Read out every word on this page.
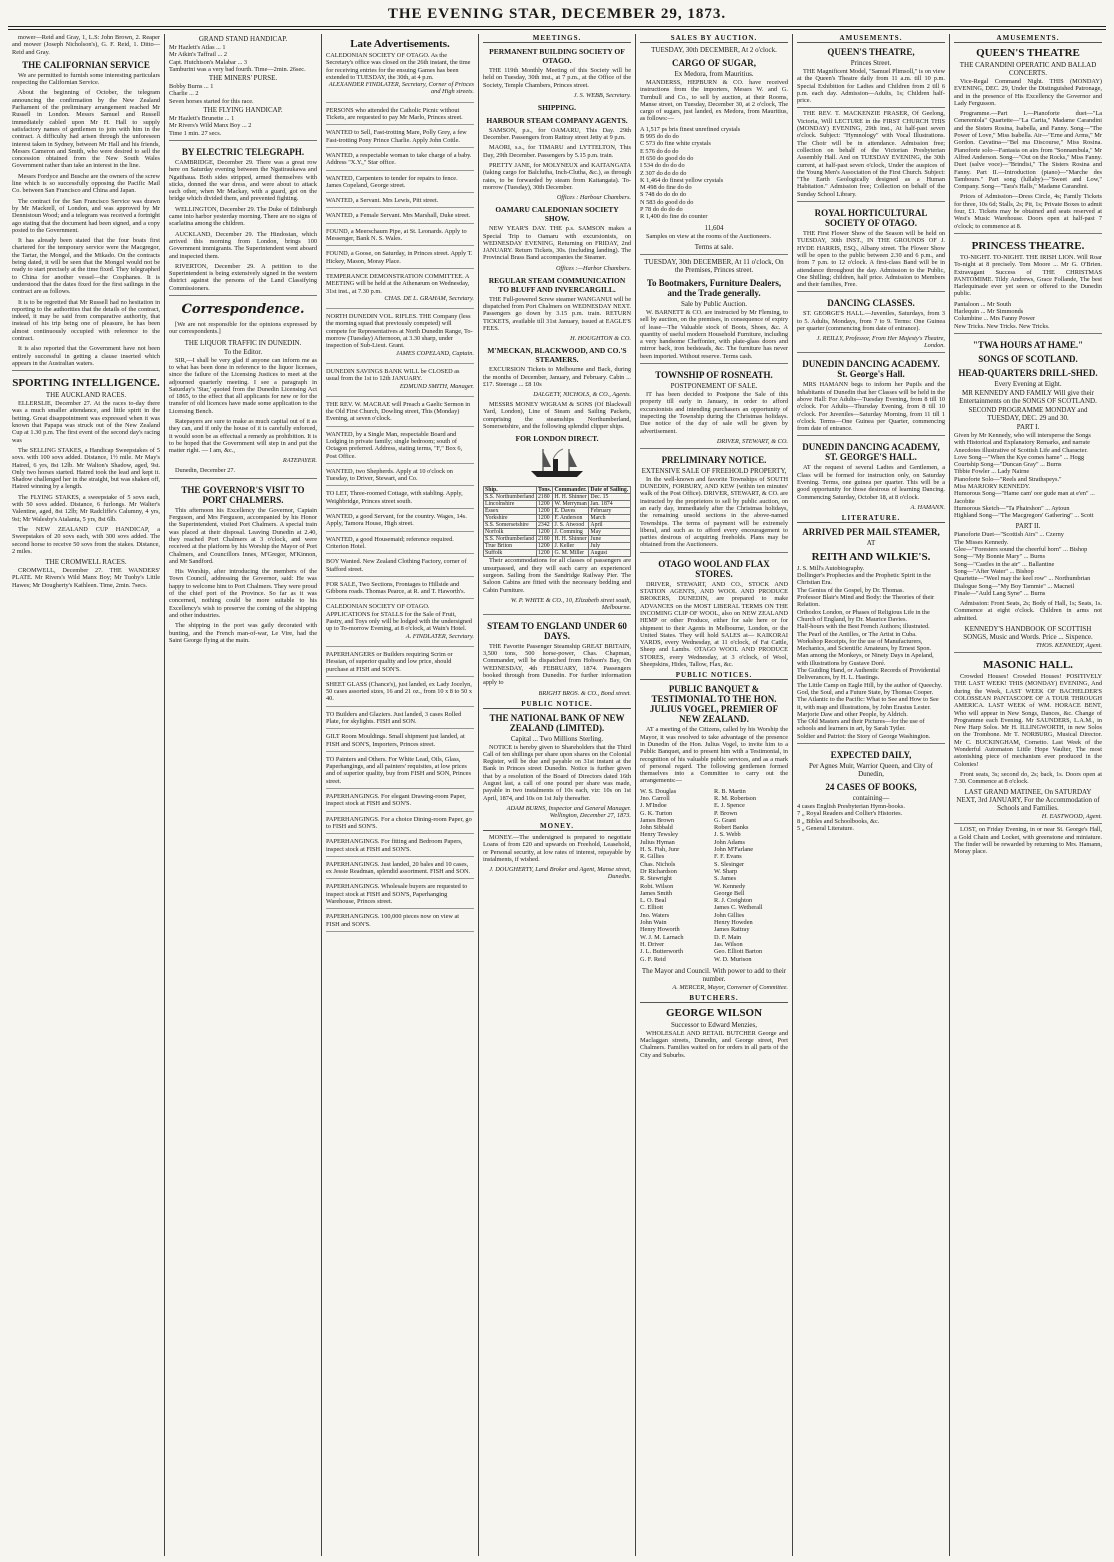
THE EVENING STAR, DECEMBER 29, 1873.

mower—Reid and Gray, 1, L.S: John Brown, 2. Reaper and mower (Joseph Nicholson's), G. F. Reid, 1. Ditto—Reid and Gray.

THE CALIFORNIAN SERVICE

We are permitted to furnish some interesting particulars respecting the Californian Service.

About the beginning of October, the telegram announcing the confirmation by the New Zealand Parliament of the preliminary arrangement reached Mr Russell in London. Messrs Samuel and Russell immediately cabled upon Mr H. Hall to supply satisfactory names of gentlemen to join with him in the contract. A difficulty had arisen through the unforeseen interest taken in Sydney, between Mr Hall and his friends, Messrs Cameron and Smith, who were desired to sell the concession obtained from the New South Wales Government rather than take an interest in the line.

Messrs Fordyce and Busche are the owners of the screw line which is so successfully opposing the Pacific Mail Co. between San Francisco and China and Japan.

The contract for the San Francisco Service was drawn by Mr Mackrell, of London, and was approved by Mr Dennistoun Wood; and a telegram was received a fortnight ago stating that the document had been signed, and a copy posted to the Government.

It has already been stated that the four boats first chartered for the temporary service were the Macgregor, the Tartar, the Mongol, and the Mikado. On the contracts being dated, it will be seen that the Mongol would not be ready to start precisely at the time fixed. They telegraphed to China for another vessel—the Cosphanes. It is understood that the dates fixed for the first sailings in the contract are as follows.

It is to be regretted that Mr Russell had no hesitation in reporting to the authorities that the details of the contract, indeed, it may be said from comparative authority, that instead of his trip being one of pleasure, he has been almost continuously occupied with reference to the contract.

It is also reported that the Government have not been entirely successful in getting a clause inserted which appears in the Australian waters.

SPORTING INTELLIGENCE.
THE AUCKLAND RACES.

ELLERSLIE, December 27. At the races to-day there was a much smaller attendance, and little spirit in the betting. Great disappointment was expressed when it was known that Papapa was struck out of the New Zealand Cup at 1.30 p.m. The first event of the second day's racing was

The SELLING STAKES, a Handicap Sweepstakes of 5 sovs. with 100 sovs added. Distance, 1½ mile. Mr May's Hatred, 6 yrs, 8st 12lb. Mr Walton's Shadow, aged, 9st. Only two horses started. Hatred took the lead and kept it. Shadow challenged her in the straight, but was shaken off, Hatred winning by a length.

The FLYING STAKES, a sweepstake of 5 sovs each, with 50 sovs added. Distance, 6 furlongs. Mr Walter's Valentine, aged, 8st 12lb; Mr Radcliffe's Calumny, 4 yrs, 9st; Mr Walesby's Atalanta, 5 yrs, 8st 6lb.

The NEW ZEALAND CUP HANDICAP, a Sweepstakes of 20 sovs each, with 300 sovs added. The second horse to receive 50 sovs from the stakes. Distance, 2 miles.

THE CROMWELL RACES.

CROMWELL, December 27. THE WANDERS' PLATE. Mr Rivers's Wild Manx Boy; Mr Tuohy's Little Hawes; Mr Dougherty's Kathleen. Time, 2min. 7secs.

GRAND STAND HANDICAP.
Mr Hazlett's Atlas ... 1
Mr Atkin's Taffrail ... 2
Capt. Hutchison's Malabar ... 3
Tamburini was a very bad fourth. Time—2min. 26sec.
THE MINERS' PURSE.
Bobby Burns ... 1
Charlie ... 2
Seven horses started for this race.
THE FLYING HANDICAP.
Mr Hazlett's Brunette ... 1
Mr Rivers's Wild Manx Boy ... 2
Time 1 min. 27 secs.
BY ELECTRIC TELEGRAPH.

CAMBRIDGE, December 29. There was a great row here on Saturday evening between the Ngatiraukawa and Ngatihaua. Both sides stripped, armed themselves with sticks, donned the war dress, and were about to attack each other, when Mr Mackay, with a guard, got on the bridge which divided them, and prevented fighting.

WELLINGTON, December 29. The Duke of Edinburgh came into harbor yesterday morning. There are no signs of scarlatina among the children.

AUCKLAND, December 29. The Hindostan, which arrived this morning from London, brings 100 Government immigrants. The Superintendent went aboard and inspected them.

RIVERTON, December 29. A petition to the Superintendent is being extensively signed in the western district against the persons of the Land Classifying Commissioners.

Correspondence.

[We are not responsible for the opinions expressed by our correspondents.]

THE LIQUOR TRAFFIC IN DUNEDIN.
To the Editor.

SIR,—I shall be very glad if anyone can inform me as to what has been done in reference to the liquor licenses, since the failure of the Licensing Justices to meet at the adjourned quarterly meeting. I see a paragraph in Saturday's 'Star,' quoted from the Dunedin Licensing Act of 1865, to the effect that all applicants for new or for the transfer of old licences have made some application to the Licensing Bench.

Ratepayers are sure to make as much capital out of it as they can, and if only the house of it is carefully enforced, it would soon be as effectual a remedy as prohibition. It is to be hoped that the Government will step in and put the matter right. — I am, &c.,

RATEPAYER.

Dunedin, December 27.

THE GOVERNOR'S VISIT TO PORT CHALMERS.

This afternoon his Excellency the Governor, Captain Ferguson, and Mrs Ferguson, accompanied by his Honor the Superintendent, visited Port Chalmers. A special train was placed at their disposal. Leaving Dunedin at 2.40, they reached Port Chalmers at 3 o'clock, and were received at the platform by his Worship the Mayor of Port Chalmers, and Councillors Innes, M'Gregor, M'Kinnon, and Mr Sandford.

His Worship, after introducing the members of the Town Council, addressing the Governor, said: He was happy to welcome him to Port Chalmers. They were proud of the chief port of the Province. So far as it was concerned, nothing could be more suitable to his Excellency's wish to preserve the coming of the shipping and other industries.

The shipping in the port was gaily decorated with bunting, and the French man-of-war, Le Vire, had the Saint George flying at the main.

Late Advertisements.
CALEDONIAN SOCIETY OF OTAGO. As the Secretary's office was closed on the 26th instant, the time for receiving entries for the ensuing Games has been extended to TUESDAY, the 30th, at 4 p.m.
ALEXANDER FINDLATER, Secretary, Corner of Princes and High streets.
PERSONS who attended the Catholic Picnic without Tickets, are requested to pay Mr Marlo, Princes street.
WANTED to Sell, Fast-trotting Mare, Polly Grey, a few Fast-trotting Pony Prince Charlie. Apply John Cottle.
WANTED, a respectable woman to take charge of a baby. Address "X.Y.," Star office.
WANTED, Carpenters to tender for repairs to fence. James Copeland, George street.
WANTED, a Servant. Mrs Lewis, Pitt street.
WANTED, a Female Servant. Mrs Marshall, Duke street.
FOUND, a Meerschaum Pipe, at St. Leonards. Apply to Messenger, Bank N. S. Wales.
FOUND, a Goose, on Saturday, in Princes street. Apply T. Hickey, Mason, Moray Place.
TEMPERANCE DEMONSTRATION COMMITTEE. A MEETING will be held at the Athenæum on Wednesday, 31st inst., at 7.30 p.m.
CHAS. DE L. GRAHAM, Secretary.
NORTH DUNEDIN VOL. RIFLES. THE Company (less the morning squad that previously competed) will compete for Representatives at North Dunedin Range, To-morrow (Tuesday) Afternoon, at 3.30 sharp, under inspection of Sub-Lieut. Grant.
JAMES COPELAND, Captain.
DUNEDIN SAVINGS BANK WILL be CLOSED as usual from the 1st to 12th JANUARY.
EDMUND SMITH, Manager.
THE REV. W. MACRAE will Preach a Gaelic Sermon in the Old First Church, Dowling street, This (Monday) Evening, at seven o'clock.
WANTED, by a Single Man, respectable Board and Lodging in private family; single bedroom; south of Octagon preferred. Address, stating terms, "F," Box 6, Post Office.
WANTED, two Shepherds. Apply at 10 o'clock on Tuesday, to Driver, Stewart, and Co.
TO LET, Three-roomed Cottage, with stabling. Apply, Weighbridge, Princes street south.
WANTED, a good Servant, for the country. Wages, 14s. Apply, Tamora House, High street.
WANTED, a good Housemaid; reference required. Criterion Hotel.
BOY Wanted. New Zealand Clothing Factory, corner of Stafford street.
FOR SALE, Two Sections, Frontages to Hillside and Gibbons roads. Thomas Pearce, at R. and T. Haworth's.
CALEDONIAN SOCIETY OF OTAGO. APPLICATIONS for STALLS for the Sale of Fruit, Pastry, and Toys only will be lodged with the undersigned up to To-morrow Evening, at 8 o'clock, at Wain's Hotel.
A. FINDLATER, Secretary.
PAPERHANGERS or Builders requiring Scrim or Hessian, of superior quality and low price, should purchase at FISH and SON'S.
SHEET GLASS (Chance's), just landed, ex Lady Jocelyn, 50 cases assorted sizes, 16 and 21 oz., from 10 x 8 to 50 x 40.
TO Builders and Glaziers. Just landed, 3 cases Rolled Plate, for skylights. FISH and SON.
GILT Room Mouldings. Small shipment just landed, at FISH and SON'S, Importers, Princes street.
TO Painters and Others. For White Lead, Oils, Glass, Paperhangings, and all painters' requisites, at low prices and of superior quality, buy from FISH and SON, Princes street.
PAPERHANGINGS. For elegant Drawing-room Paper, inspect stock at FISH and SON'S.
PAPERHANGINGS. For a choice Dining-room Paper, go to FISH and SON'S.
PAPERHANGINGS. For fitting and Bedroom Papers, inspect stock at FISH and SON'S.
PAPERHANGINGS. Just landed, 20 bales and 10 cases, ex Jessie Readman, splendid assortment. FISH and SON.
PAPERHANGINGS. Wholesale buyers are requested to inspect stock at FISH and SON'S, Paperhanging Warehouse, Princes street.
PAPERHANGINGS. 100,000 pieces now on view at FISH and SON'S.
MEETINGS.
PERMANENT BUILDING SOCIETY OF OTAGO.

THE 119th Monthly Meeting of this Society will be held on Tuesday, 30th inst., at 7 p.m., at the Office of the Society, Temple Chambers, Princes street.

J. S. WEBB, Secretary.
SHIPPING.
HARBOUR STEAM COMPANY AGENTS.

SAMSON, p.s., for OAMARU, This Day. 29th December. Passengers from Rattray street Jetty at 9 p.m.

MAORI, s.s., for TIMARU and LYTTELTON, This Day, 29th December. Passengers by 5.15 p.m. train.

PRETTY JANE, for MOLYNEUX and KAITANGATA (taking cargo for Balclutha, Inch-Clutha, &c.), as through rates, to be forwarded by steam from Kaitangata). To-morrow (Tuesday), 30th December.

Offices : Harbour Chambers.
OAMARU CALEDONIAN SOCIETY SHOW.

NEW YEAR'S DAY. THE p.s. SAMSON makes a Special Trip to Oamaru with excursionists, on WEDNESDAY EVENING, Returning on FRIDAY, 2nd JANUARY. Return Tickets, 30s. (including landing). The Provincial Brass Band accompanies the Steamer.

Offices :—Harbor Chambers.
REGULAR STEAM COMMUNICATION TO BLUFF AND INVERCARGILL.

THE Full-powered Screw steamer WANGANUI will be dispatched from Port Chalmers on WEDNESDAY NEXT. Passengers go down by 3.15 p.m. train. RETURN TICKETS, available till 31st January, issued at EAGLE'S FEES.

H. HOUGHTON & CO.
M'MECKAN, BLACKWOOD, AND CO.'S STEAMERS.

EXCURSION Tickets to Melbourne and Back, during the months of December, January, and February. Cabin ... £17. Steerage ... £8 10s

DALGETY, NICHOLS, & CO., Agents.

MESSRS MONEY WIGRAM & SONS (Of Blackwall Yard, London), Line of Steam and Sailing Packets, comprising the steamships Northumberland, Somersetshire, and the following splendid clipper ships.

FOR LONDON DIRECT.
Ship.	Tons.	Commander.	Date of Sailing.
S.S. Northumberland	2180	H. H. Shinner	Dec. 15
Lincolnshire	1200	W. Merryman	Jan. 1874
Essex	1200	E. Daves	February
Yorkshire	1200	F. Anderson	March
S.S. Somersetshire	2342	J. S. Atwood	April
Norfolk	1200	J. Comming	May
S.S. Northumberland	2180	H. H. Shinner	June
True Briton	1200	J. Keller	July
Suffolk	1200	G. M. Miller	August

Their accommodations for all classes of passengers are unsurpassed, and they will each carry an experienced surgeon. Sailing from the Sandridge Railway Pier. The Saloon Cabins are fitted with the necessary bedding and Cabin Furniture.

W. P. WHITE & CO., 10, Elizabeth street south, Melbourne.
STEAM TO ENGLAND UNDER 60 DAYS.

THE Favorite Passenger Steamship GREAT BRITAIN, 3,500 tons, 500 horse-power, Chas. Chapman, Commander, will be dispatched from Hobson's Bay, On WEDNESDAY, 4th FEBRUARY, 1874. Passengers booked through from Dunedin. For further information apply to

BRIGHT BROS. & CO., Bond street.
PUBLIC NOTICE.
THE NATIONAL BANK OF NEW ZEALAND (LIMITED).
Capital ... Two Millions Sterling.

NOTICE is hereby given to Shareholders that the Third Call of ten shillings per share upon shares on the Colonial Register, will be due and payable on 31st instant at the Bank in Princes street Dunedin. Notice is further given that by a resolution of the Board of Directors dated 16th August last, a call of one pound per share was made, payable in two instalments of 10s each, viz: 10s on 1st April, 1874, and 10s on 1st July thereafter.

ADAM BURNS, Inspector and General Manager. Wellington, December 27, 1873.
MONEY.

MONEY.—The undersigned is prepared to negotiate Loans of from £20 and upwards on Freehold, Leasehold, or Personal security, at low rates of interest, repayable by instalments, if wished.

J. DOUGHERTY, Land Broker and Agent, Manse street, Dunedin.
SALES BY AUCTION.
TUESDAY, 30th DECEMBER, At 2 o'clock.
CARGO OF SUGAR,
Ex Medora, from Mauritius.

MANDERSS, HEPBURN & CO. have received instructions from the importers, Messrs W. and G. Turnbull and Co., to sell by auction, at their Rooms, Manse street, on Tuesday, December 30, at 2 o'clock, The cargo of sugars, just landed, ex Medora, from Mauritius, as follows:—

A 1,517 ps bris finest unrefined crystals
B 995 do do do
C 573 do fine white crystals
E 576 do do do
H 650 do good do do
I 534 do do do do
Z 307 do do do do
K 1,464 do finest yellow crystals
M 498 do fine do do
S 748 do do do do
N 583 do good do do
P 78 do do do do
R 1,400 do fine do counter
11,604

Samples on view at the rooms of the Auctioneers.

Terms at sale.
TUESDAY, 30th DECEMBER, At 11 o'clock, On the Premises, Princes street.
To Bootmakers, Furniture Dealers, and the Trade generally.
Sale by Public Auction.

W. BARNETT & CO. are instructed by Mr Fleming, to sell by auction, on the premises, in consequence of expiry of lease—The Valuable stock of Boots, Shoes, &c. A quantity of useful modern Household Furniture, including a very handsome Cheffonier, with plate-glass doors and mirror back, iron bedsteads, &c. The furniture has never been imported. Without reserve. Terms cash.

TOWNSHIP OF ROSNEATH.
POSTPONEMENT OF SALE.

IT has been decided to Postpone the Sale of this property till early in January, in order to afford excursionists and intending purchasers an opportunity of inspecting the Township during the Christmas holidays. Due notice of the day of sale will be given by advertisement.

DRIVER, STEWART, & CO.
PRELIMINARY NOTICE.
EXTENSIVE SALE OF FREEHOLD PROPERTY,

In the well-known and favorite Townships of SOUTH DUNEDIN, FORBURY, AND KEW (within ten minutes' walk of the Post Office). DRIVER, STEWART, & CO. are instructed by the proprietors to sell by public auction, on an early day, immediately after the Christmas holidays, the remaining unsold sections in the above-named Townships. The terms of payment will be extremely liberal, and such as to afford every encouragement to parties desirous of acquiring freeholds. Plans may be obtained from the Auctioneers.

OTAGO WOOL AND FLAX STORES.

DRIVER, STEWART, AND CO., STOCK AND STATION AGENTS, AND WOOL AND PRODUCE BROKERS, DUNEDIN, are prepared to make ADVANCES on the MOST LIBERAL TERMS ON THE INCOMING CLIP OF WOOL, also on NEW ZEALAND HEMP or other Produce, either for sale here or for shipment to their Agents in Melbourne, London, or the United States. They will hold SALES at— KAIKORAI YARDS, every Wednesday, at 11 o'clock, of Fat Cattle, Sheep and Lambs. OTAGO WOOL AND PRODUCE STORES, every Wednesday, at 3 o'clock, of Wool, Sheepskins, Hides, Tallow, Flax, &c.

PUBLIC NOTICES.
PUBLIC BANQUET & TESTIMONIAL TO THE HON. JULIUS VOGEL, PREMIER OF NEW ZEALAND.

AT a meeting of the Citizens, called by his Worship the Mayor, it was resolved to take advantage of the presence in Dunedin of the Hon. Julius Vogel, to invite him to a Public Banquet, and to present him with a Testimonial, in recognition of his valuable public services, and as a mark of personal regard. The following gentlemen formed themselves into a Committee to carry out the arrangements:—

W. S. Douglas
Jno. Carroll
J. M'Indoe
G. K. Turton
James Brown
John Sibbald
Henry Tewsley
Julius Hyman
H. S. Fish, Junr
R. Gillies
Chas. Nichols
Dr Richardson
R. Stewright
Robt. Wilson
James Smith
L. O. Beal
C. Elliott
Jno. Waters
John Wain
Henry Howorth
W. J. M. Larnach
H. Driver
J. L. Butterworth
G. F. Reid
R. B. Martin
R. M. Robertson
E. J. Spence
P. Brown
G. Grant
Robert Banks
J. S. Webb
John Adams
John M'Farlane
F. F. Evans
S. Slesinger
W. Sharp
S. James
W. Kennedy
George Bell
R. J. Creighton
James C. Wetherall
John Gillies
Henry Howden
James Rattray
D. F. Main
Jas. Wilson
Geo. Elliott Barton
W. D. Murison
The Mayor and Council. With power to add to their number.
A. MERCER, Mayor, Convener of Committee.
BUTCHERS.
GEORGE WILSON
Successor to Edward Menzies,

WHOLESALE AND RETAIL BUTCHER George and Maclaggan streets, Dunedin, and George street, Port Chalmers. Families waited on for orders in all parts of the City and Suburbs.

AMUSEMENTS.
QUEEN'S THEATRE,
Princes Street.

THE Magnificent Model, "Samuel Plimsoll," is on view at the Queen's Theatre daily from 11 a.m. till 10 p.m. Special Exhibition for Ladies and Children from 2 till 6 p.m. each day. Admission—Adults, 1s; Children half-price.

THE REV. T. MACKENZIE FRASER, Of Geelong, Victoria, Will LECTURE in the FIRST CHURCH THIS (MONDAY) EVENING, 29th inst., At half-past seven o'clock. Subject: "Hymnology" with Vocal Illustrations. The Choir will be in attendance. Admission free; collection on behalf of the Victorian Presbyterian Assembly Hall. And on TUESDAY EVENING, the 30th current, at half-past seven o'clock, Under the auspices of the Young Men's Association of the First Church. Subject: "The Earth Geologically designed as a Human Habitation." Admission free; Collection on behalf of the Sunday School Library.

ROYAL HORTICULTURAL SOCIETY OF OTAGO.

THE First Flower Show of the Season will be held on TUESDAY, 30th INST., IN THE GROUNDS OF J. HYDE HARRIS, ESQ., Albany street. The Flower Show will be open to the public between 2.30 and 6 p.m., and from 7 p.m. to 12 o'clock. A first-class Band will be in attendance throughout the day. Admission to the Public, One Shilling; children, half price. Admission to Members and their families, Free.

DANCING CLASSES.

ST. GEORGE'S HALL.—Juveniles, Saturdays, from 3 to 5. Adults, Mondays, from 7 to 9. Terms: One Guinea per quarter (commencing from date of entrance).

J. REILLY, Professor, From Her Majesty's Theatre, London.
DUNEDIN DANCING ACADEMY. St. George's Hall.

MRS HAMANN begs to inform her Pupils and the Inhabitants of Dunedin that her Classes will be held in the above Hall: For Adults—Tuesday Evening, from 8 till 10 o'clock. For Adults—Thursday Evening, from 8 till 10 o'clock. For Juveniles—Saturday Morning, from 11 till 1 o'clock. Terms—One Guinea per Quarter, commencing from date of entrance.

DUNEDIN DANCING ACADEMY, ST. GEORGE'S HALL.

AT the request of several Ladies and Gentlemen, a Class will be formed for instruction only, on Saturday Evening. Terms, one guinea per quarter. This will be a good opportunity for those desirous of learning Dancing. Commencing Saturday, October 18, at 8 o'clock.

A. HAMANN.
LITERATURE.
ARRIVED PER MAIL STEAMER,
AT
REITH AND WILKIE'S.
J. S. Mill's Autobiography.
Dollinger's Prophecies and the Prophetic Spirit in the Christian Era.
The Genius of the Gospel, by Dr. Thomas.
Professor Blair's Mind and Body: the Theories of their Relation.
Orthodox London, or Phases of Religious Life in the Church of England, by Dr. Maurice Davies.
Half-hours with the Best French Authors; illustrated.
The Pearl of the Antilles, or The Artist in Cuba.
Workshop Receipts, for the use of Manufacturers, Mechanics, and Scientific Amateurs, by Ernest Spon.
Man among the Monkeys, or Ninety Days in Apeland, with illustrations by Gustave Doré.
The Guiding Hand, or Authentic Records of Providential Deliverances, by H. L. Hastings.
The Little Camp on Eagle Hill, by the author of Queechy.
God, the Soul, and a Future State, by Thomas Cooper.
The Atlantic to the Pacific: What to See and How to See it, with map and illustrations, by John Erastus Lester.
Marjorie Daw and other People, by Aldrich.
The Old Masters and their Pictures—for the use of schools and learners in art, by Sarah Tytler.
Soldier and Patriot: the Story of George Washington.
EXPECTED DAILY,
Per Agnes Muir, Warrior Queen, and City of Dunedin,
24 CASES OF BOOKS,
containing—
4 cases English Presbyterian Hymn-books.
7 „ Royal Readers and Collier's Histories.
8 „ Bibles and Schoolbooks, &c.
5 „ General Literature.
AMUSEMENTS.
QUEEN'S THEATRE
THE CARANDINI OPERATIC AND BALLAD CONCERTS.

Vice-Regal Command Night. THIS (MONDAY) EVENING, DEC. 29, Under the Distinguished Patronage, and in the presence of His Excellency the Governor and Lady Fergusson.

Programme.—Part I.—Pianoforte duet—"La Cenerentola" Quartette—"La Carita," Madame Carandini and the Sisters Rosina, Isabella, and Fanny. Song—"The Power of Love," Miss Isabella. Air—"Erne and Arms," Mr Gordon. Cavatina—"Bel ma Discourse," Miss Rosina. Pianoforte solo—Fantasia on airs from "Sonnambula," Mr Alfred Anderson. Song—"Out on the Rocks," Miss Fanny. Duet (salve voce)—"Brindisi," The Sisters Rosina and Fanny. Part II.—Introduction (piano)—"Marche des Tambours." Part song (lullaby)—"Sweet and Low," Company. Song—"Tara's Halls," Madame Carandini.

Prices of Admission—Dress Circle, 4s; Family Tickets for three, 10s 6d; Stalls, 2s; Pit, 1s; Private Boxes to admit four, £1. Tickets may be obtained and seats reserved at West's Music Warehouse. Doors open at half-past 7 o'clock; to commence at 8.

PRINCESS THEATRE.

TO-NIGHT. TO-NIGHT. THE IRISH LION. Will Roar To-night at 8 precisely. Tom Moore ... Mr G. O'Brien. Extravagant Success of THE CHRISTMAS PANTOMIME. Tildy Andrews, Grace Follande, The best Harlequinade ever yet seen or offered to the Dunedin public.

Pantaloon ... Mr South
Harlequin ... Mr Simmonds
Columbine ... Mrs Fanny Power
New Tricks. New Tricks. New Tricks.
"TWA HOURS AT HAME."
SONGS OF SCOTLAND.
HEAD-QUARTERS DRILL-SHED.
Every Evening at Eight.
MR KENNEDY AND FAMILY Will give their Entertainments on the SONGS OF SCOTLAND.
SECOND PROGRAMME MONDAY and TUESDAY, DEC. 29 and 30.
PART I.
Given by Mr Kennedy, who will intersperse the Songs with Historical and Explanatory Remarks, and narrate Anecdotes illustrative of Scottish Life and Character.
Love Song—"When the Kye comes hame" ... Hogg
Courtship Song—"Duncan Gray" ... Burns
Tibbie Fowler ... Lady Nairne
Pianoforte Solo—"Reels and Strathspeys."
Miss MARJORY KENNEDY.
Humorous Song—"Hame cam' oor gude man at e'en" ... Jacobite
Humorous Sketch—"Ta Phairshon" ... Aytoun
Highland Song—"The Macgregors' Gathering" ... Scott
PART II.
Pianoforte Duet—"Scottish Airs" ... Czerny
The Misses Kennedy.
Glee—"Foresters sound the cheerful horn" ... Bishop
Song—"My Bonnie Mary" ... Burns
Song—"Castles in the air" ... Ballantine
Song—"After Water" ... Bishop
Quartette—"Weel may the keel row" ... Northumbrian
Dialogue Song—"My Boy Tammie" ... Macneil
Finale—"Auld Lang Syne" ... Burns

Admission: Front Seats, 2s; Body of Hall, 1s; Seats, 1s. Commence at eight o'clock. Children in arms not admitted.

KENNEDY'S HANDBOOK OF SCOTTISH SONGS, Music and Words. Price ... Sixpence.
THOS. KENNEDY, Agent.
MASONIC HALL.

Crowded Houses! Crowded Houses! POSITIVELY THE LAST WEEK! THIS (MONDAY) EVENING, And during the Week, LAST WEEK OF BACHELDER'S COLOSSEAN PANTASCOPE OF A TOUR THROUGH AMERICA. LAST WEEK of WM. HORACE BENT, Who will appear in New Songs, Dances, &c. Change of Programme each Evening. Mr SAUNDERS, L.A.M., in New Harp Solos. Mr H. ILLINGWORTH, in new Solos on the Trombone. Mr T. NORBURG, Musical Director. Mr C. BUCKINGHAM, Cornetto. Last Week of the Wonderful Automaton Little Hope Vaulter, The most astonishing piece of mechanism ever produced in the Colonies!

Front seats, 3s; second do, 2s; back, 1s. Doors open at 7.30. Commence at 8 o'clock.

LAST GRAND MATINEE, On SATURDAY NEXT, 3rd JANUARY, For the Accommodation of Schools and Families.
H. EASTWOOD, Agent.

LOST, on Friday Evening, in or near St. George's Hall, a Gold Chain and Locket, with greenstone and miniature. The finder will be rewarded by returning to Mrs. Hamann, Moray place.
